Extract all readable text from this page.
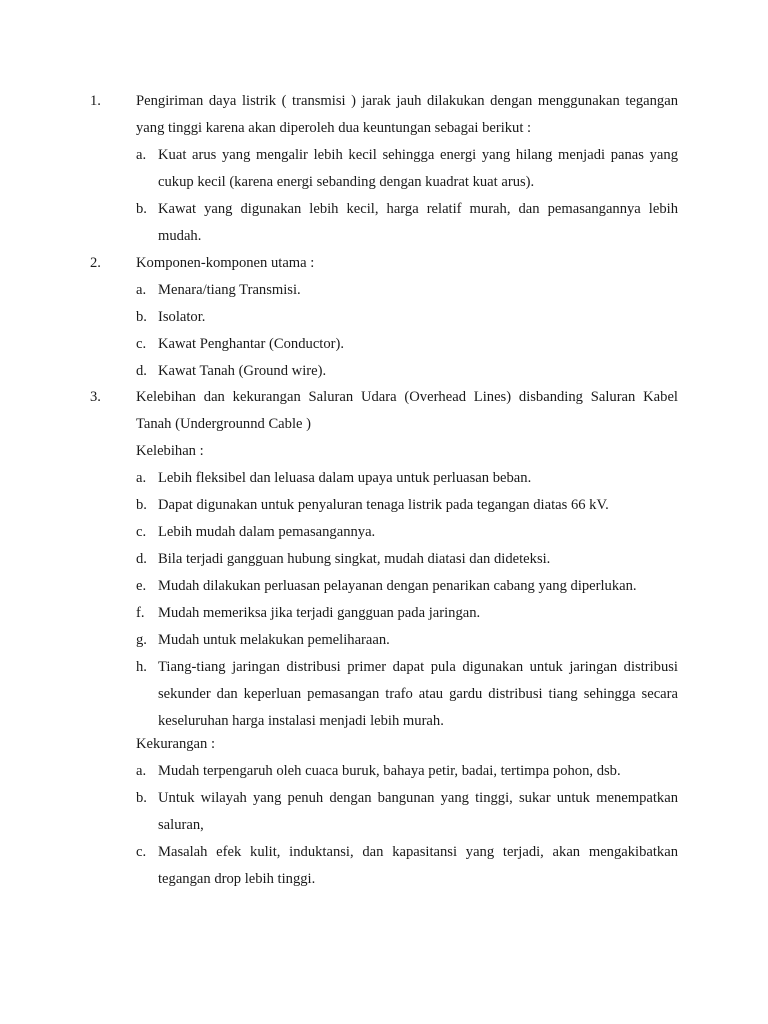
1. Pengiriman daya listrik ( transmisi ) jarak jauh dilakukan dengan menggunakan tegangan yang tinggi karena akan diperoleh dua keuntungan sebagai berikut :
a. Kuat arus yang mengalir lebih kecil sehingga energi yang hilang menjadi panas yang cukup kecil (karena energi sebanding dengan kuadrat kuat arus).
b. Kawat yang digunakan lebih kecil, harga relatif murah, dan pemasangannya lebih mudah.
2. Komponen-komponen utama :
a. Menara/tiang Transmisi.
b. Isolator.
c. Kawat Penghantar (Conductor).
d. Kawat Tanah (Ground wire).
3. Kelebihan dan kekurangan Saluran Udara (Overhead Lines) disbanding Saluran Kabel Tanah (Undergrounnd Cable )
Kelebihan :
a. Lebih fleksibel dan leluasa dalam upaya untuk perluasan beban.
b. Dapat digunakan untuk penyaluran tenaga listrik pada tegangan diatas 66 kV.
c. Lebih mudah dalam pemasangannya.
d. Bila terjadi gangguan hubung singkat, mudah diatasi dan dideteksi.
e. Mudah dilakukan perluasan pelayanan dengan penarikan cabang yang diperlukan.
f. Mudah memeriksa jika terjadi gangguan pada jaringan.
g. Mudah untuk melakukan pemeliharaan.
h. Tiang-tiang jaringan distribusi primer dapat pula digunakan untuk jaringan distribusi sekunder dan keperluan pemasangan trafo atau gardu distribusi tiang sehingga secara keseluruhan harga instalasi menjadi lebih murah.
Kekurangan :
a. Mudah terpengaruh oleh cuaca buruk, bahaya petir, badai, tertimpa pohon, dsb.
b. Untuk wilayah yang penuh dengan bangunan yang tinggi, sukar untuk menempatkan saluran,
c. Masalah efek kulit, induktansi, dan kapasitansi yang terjadi, akan mengakibatkan tegangan drop lebih tinggi.
